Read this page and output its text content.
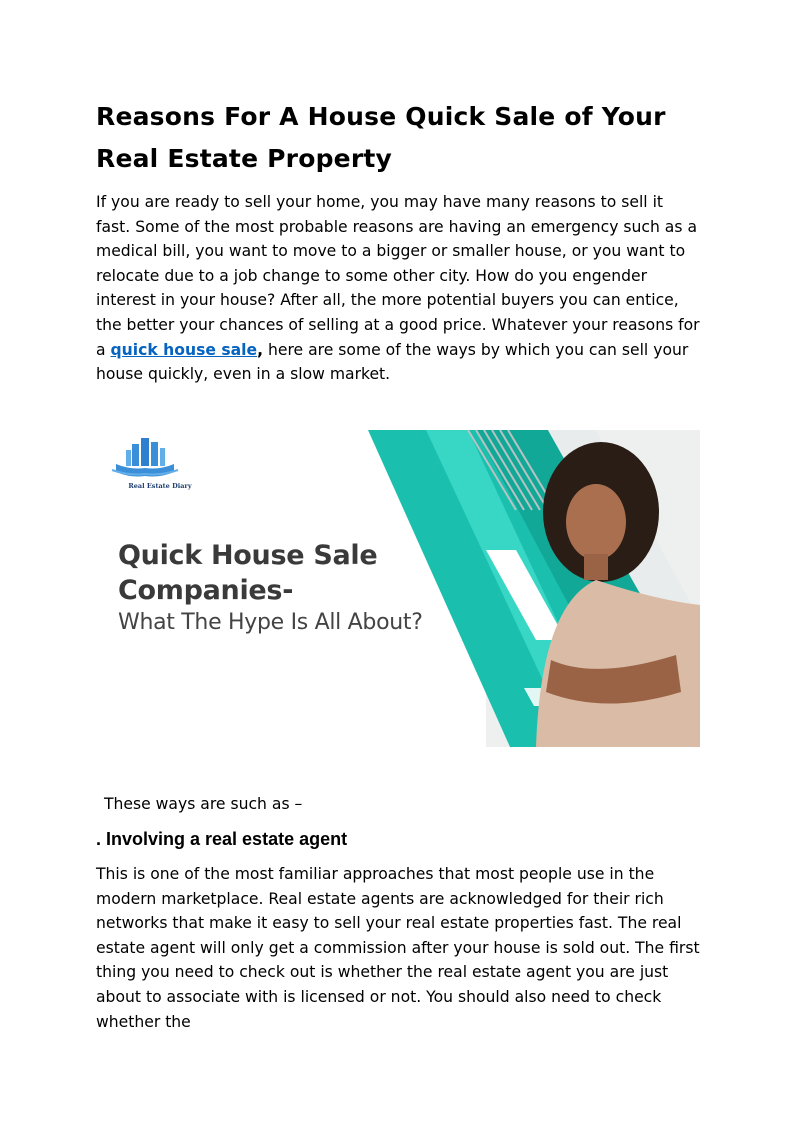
Reasons For A House Quick Sale of Your Real Estate Property

If you are ready to sell your home, you may have many reasons to sell it fast. Some of the most probable reasons are having an emergency such as a medical bill, you want to move to a bigger or smaller house, or you want to relocate due to a job change to some other city. How do you engender interest in your house? After all, the more potential buyers you can entice, the better your chances of selling at a good price. Whatever your reasons for a quick house sale, here are some of the ways by which you can sell your house quickly, even in a slow market.

Real Estate Diary
Quick House Sale
Companies-
What The Hype Is All About?

These ways are such as –

. Involving a real estate agent

This is one of the most familiar approaches that most people use in the modern marketplace. Real estate agents are acknowledged for their rich networks that make it easy to sell your real estate properties fast. The real estate agent will only get a commission after your house is sold out. The first thing you need to check out is whether the real estate agent you are just about to associate with is licensed or not. You should also need to check whether the
